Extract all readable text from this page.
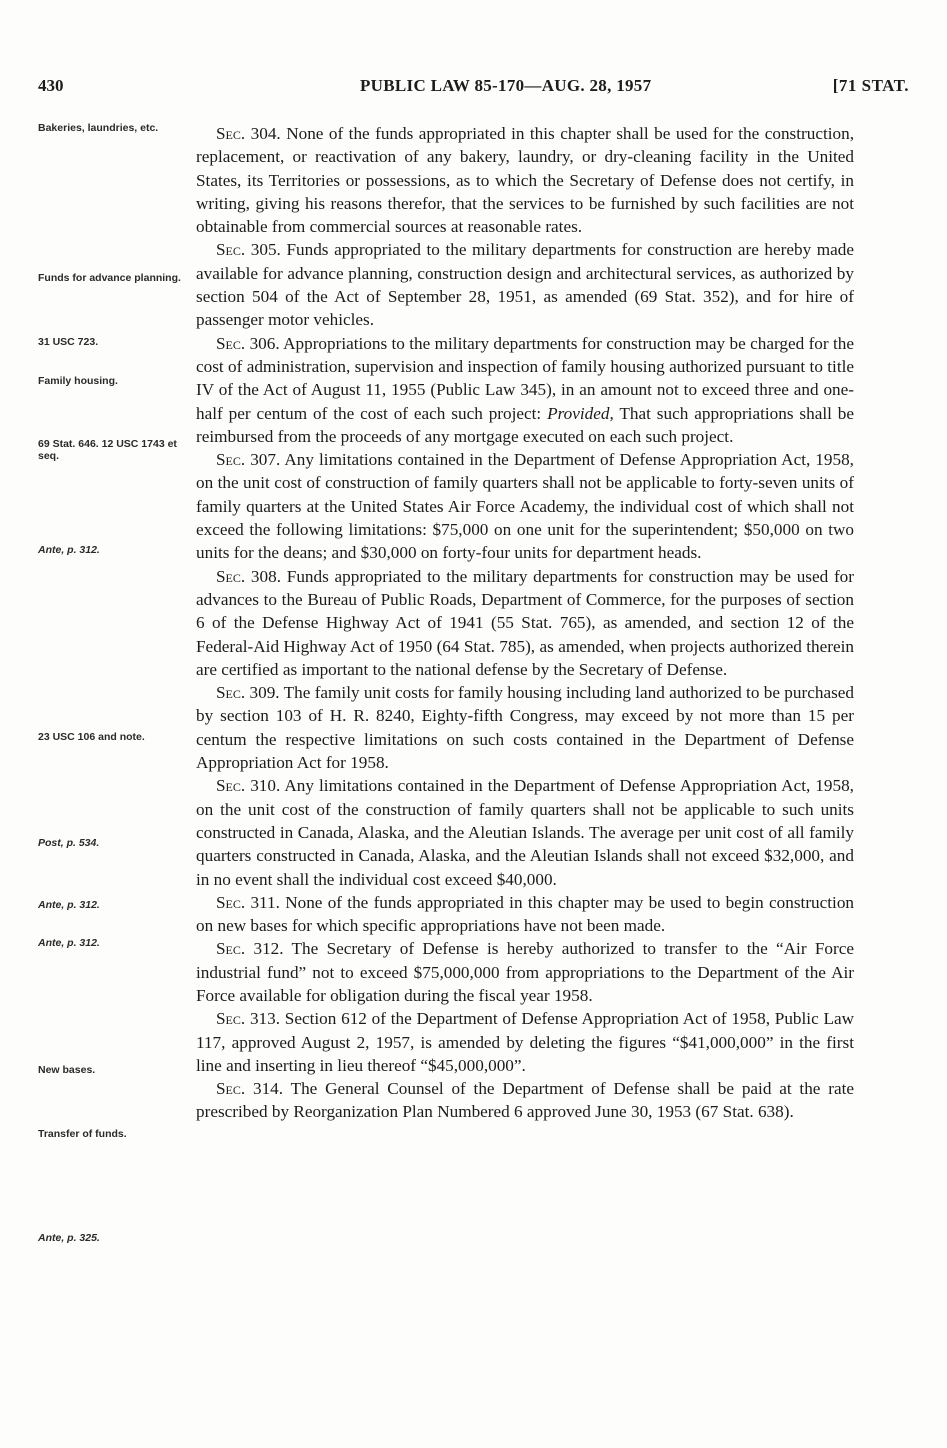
430	PUBLIC LAW 85-170—AUG. 28, 1957	[71 STAT.
Bakeries, laundries, etc.
Funds for advance planning.
31 USC 723.
Family housing.
69 Stat. 646. 12 USC 1743 et seq.
Ante, p. 312.
23 USC 106 and note.
Post, p. 534.
Ante, p. 312.
Ante, p. 312.
New bases.
Transfer of funds.
Ante, p. 325.

Sec. 304. None of the funds appropriated in this chapter shall be used for the construction, replacement, or reactivation of any bakery, laundry, or dry-cleaning facility in the United States, its Territories or possessions, as to which the Secretary of Defense does not certify, in writing, giving his reasons therefor, that the services to be furnished by such facilities are not obtainable from commercial sources at reasonable rates.

Sec. 305. Funds appropriated to the military departments for construction are hereby made available for advance planning, construction design and architectural services, as authorized by section 504 of the Act of September 28, 1951, as amended (69 Stat. 352), and for hire of passenger motor vehicles.

Sec. 306. Appropriations to the military departments for construction may be charged for the cost of administration, supervision and inspection of family housing authorized pursuant to title IV of the Act of August 11, 1955 (Public Law 345), in an amount not to exceed three and one-half per centum of the cost of each such project: Provided, That such appropriations shall be reimbursed from the proceeds of any mortgage executed on each such project.

Sec. 307. Any limitations contained in the Department of Defense Appropriation Act, 1958, on the unit cost of construction of family quarters shall not be applicable to forty-seven units of family quarters at the United States Air Force Academy, the individual cost of which shall not exceed the following limitations: $75,000 on one unit for the superintendent; $50,000 on two units for the deans; and $30,000 on forty-four units for department heads.

Sec. 308. Funds appropriated to the military departments for construction may be used for advances to the Bureau of Public Roads, Department of Commerce, for the purposes of section 6 of the Defense Highway Act of 1941 (55 Stat. 765), as amended, and section 12 of the Federal-Aid Highway Act of 1950 (64 Stat. 785), as amended, when projects authorized therein are certified as important to the national defense by the Secretary of Defense.

Sec. 309. The family unit costs for family housing including land authorized to be purchased by section 103 of H. R. 8240, Eighty-fifth Congress, may exceed by not more than 15 per centum the respective limitations on such costs contained in the Department of Defense Appropriation Act for 1958.

Sec. 310. Any limitations contained in the Department of Defense Appropriation Act, 1958, on the unit cost of the construction of family quarters shall not be applicable to such units constructed in Canada, Alaska, and the Aleutian Islands. The average per unit cost of all family quarters constructed in Canada, Alaska, and the Aleutian Islands shall not exceed $32,000, and in no event shall the individual cost exceed $40,000.

Sec. 311. None of the funds appropriated in this chapter may be used to begin construction on new bases for which specific appropriations have not been made.

Sec. 312. The Secretary of Defense is hereby authorized to transfer to the “Air Force industrial fund” not to exceed $75,000,000 from appropriations to the Department of the Air Force available for obligation during the fiscal year 1958.

Sec. 313. Section 612 of the Department of Defense Appropriation Act of 1958, Public Law 117, approved August 2, 1957, is amended by deleting the figures “$41,000,000” in the first line and inserting in lieu thereof “$45,000,000”.

Sec. 314. The General Counsel of the Department of Defense shall be paid at the rate prescribed by Reorganization Plan Numbered 6 approved June 30, 1953 (67 Stat. 638).
